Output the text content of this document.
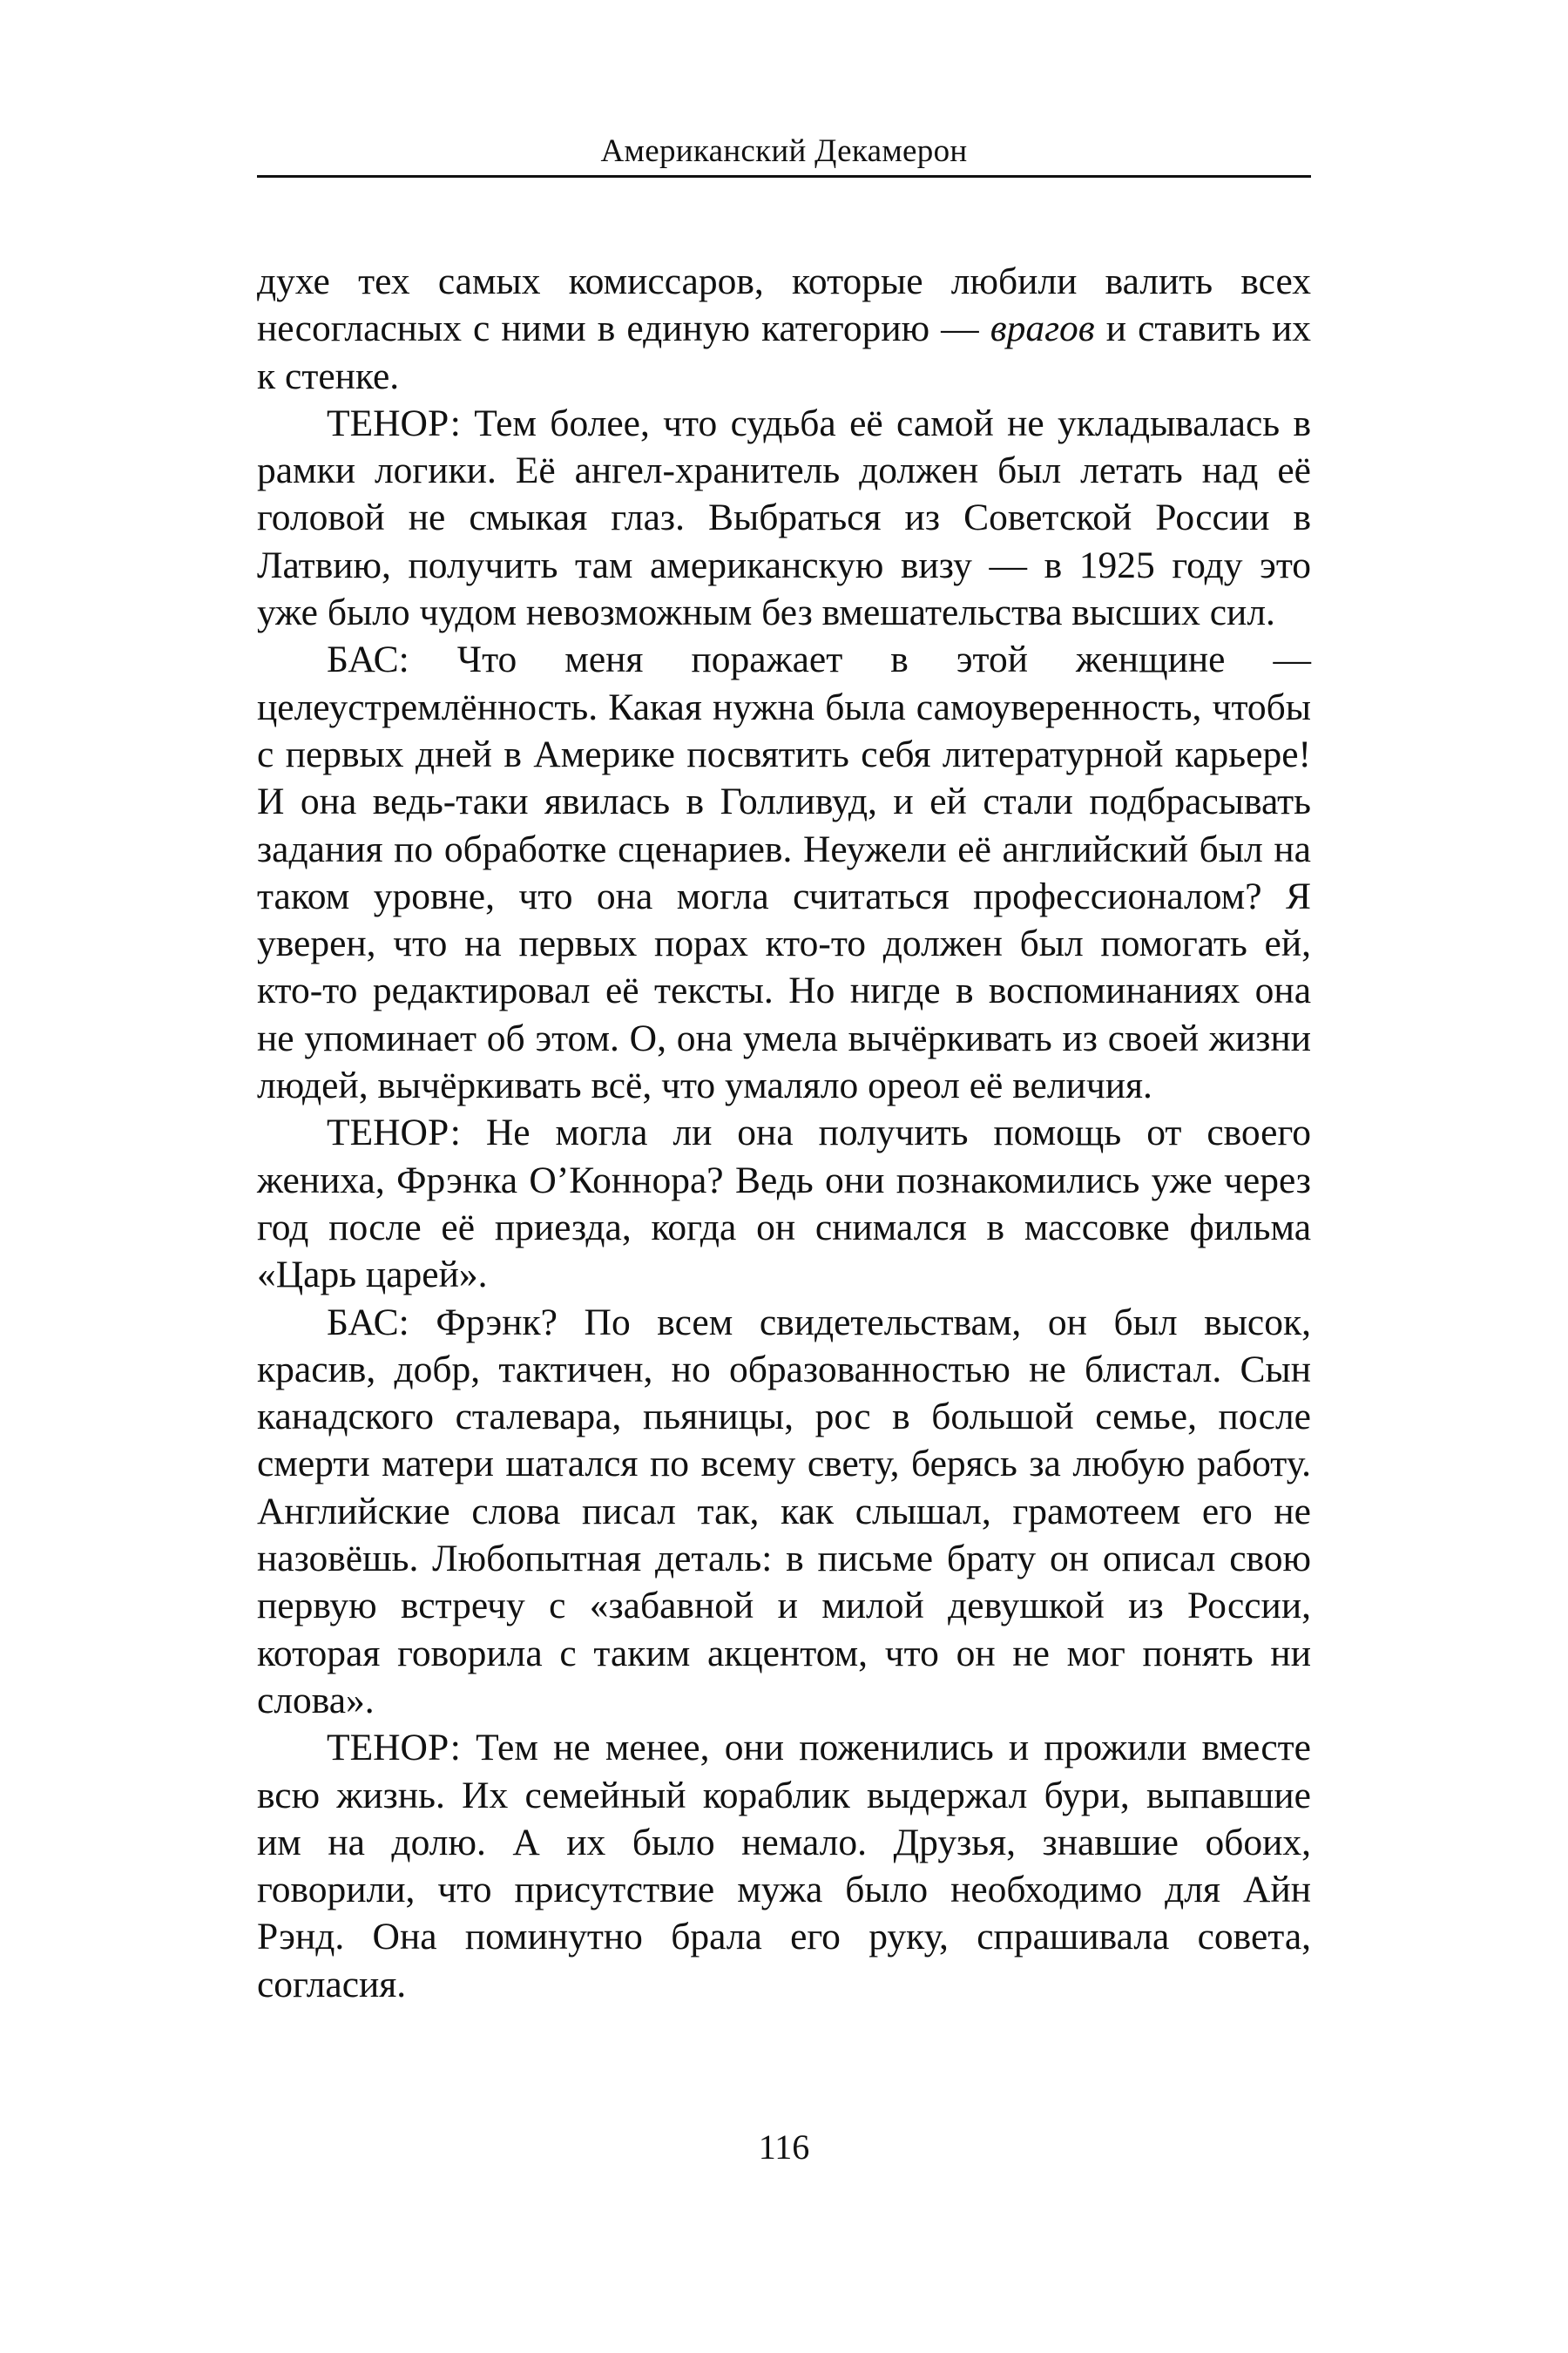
Американский Декамерон

духе тех самых комиссаров, которые любили валить всех несогласных с ними в единую категорию — врагов и ставить их к стенке.

ТЕНОР: Тем более, что судьба её самой не укладывалась в рамки логики. Её ангел-хранитель должен был летать над её головой не смыкая глаз. Выбраться из Советской России в Латвию, получить там американскую визу — в 1925 году это уже было чудом невозможным без вмешательства высших сил.

БАС: Что меня поражает в этой женщине — целеустремлённость. Какая нужна была самоуверенность, чтобы с первых дней в Америке посвятить себя литературной карьере! И она ведь-таки явилась в Голливуд, и ей стали подбрасывать задания по обработке сценариев. Неужели её английский был на таком уровне, что она могла считаться профессионалом? Я уверен, что на первых порах кто-то должен был помогать ей, кто-то редактировал её тексты. Но нигде в воспоминаниях она не упоминает об этом. О, она умела вычёркивать из своей жизни людей, вычёркивать всё, что умаляло ореол её величия.

ТЕНОР: Не могла ли она получить помощь от своего жениха, Фрэнка О’Коннора? Ведь они познакомились уже через год после её приезда, когда он снимался в массовке фильма «Царь царей».

БАС: Фрэнк? По всем свидетельствам, он был высок, красив, добр, тактичен, но образованностью не блистал. Сын канадского сталевара, пьяницы, рос в большой семье, после смерти матери шатался по всему свету, берясь за любую работу. Английские слова писал так, как слышал, грамотеем его не назовёшь. Любопытная деталь: в письме брату он описал свою первую встречу с «забавной и милой девушкой из России, которая говорила с таким акцентом, что он не мог понять ни слова».

ТЕНОР: Тем не менее, они поженились и прожили вместе всю жизнь. Их семейный кораблик выдержал бури, выпавшие им на долю. А их было немало. Друзья, знавшие обоих, говорили, что присутствие мужа было необходимо для Айн Рэнд. Она поминутно брала его руку, спрашивала совета, согласия.

116
